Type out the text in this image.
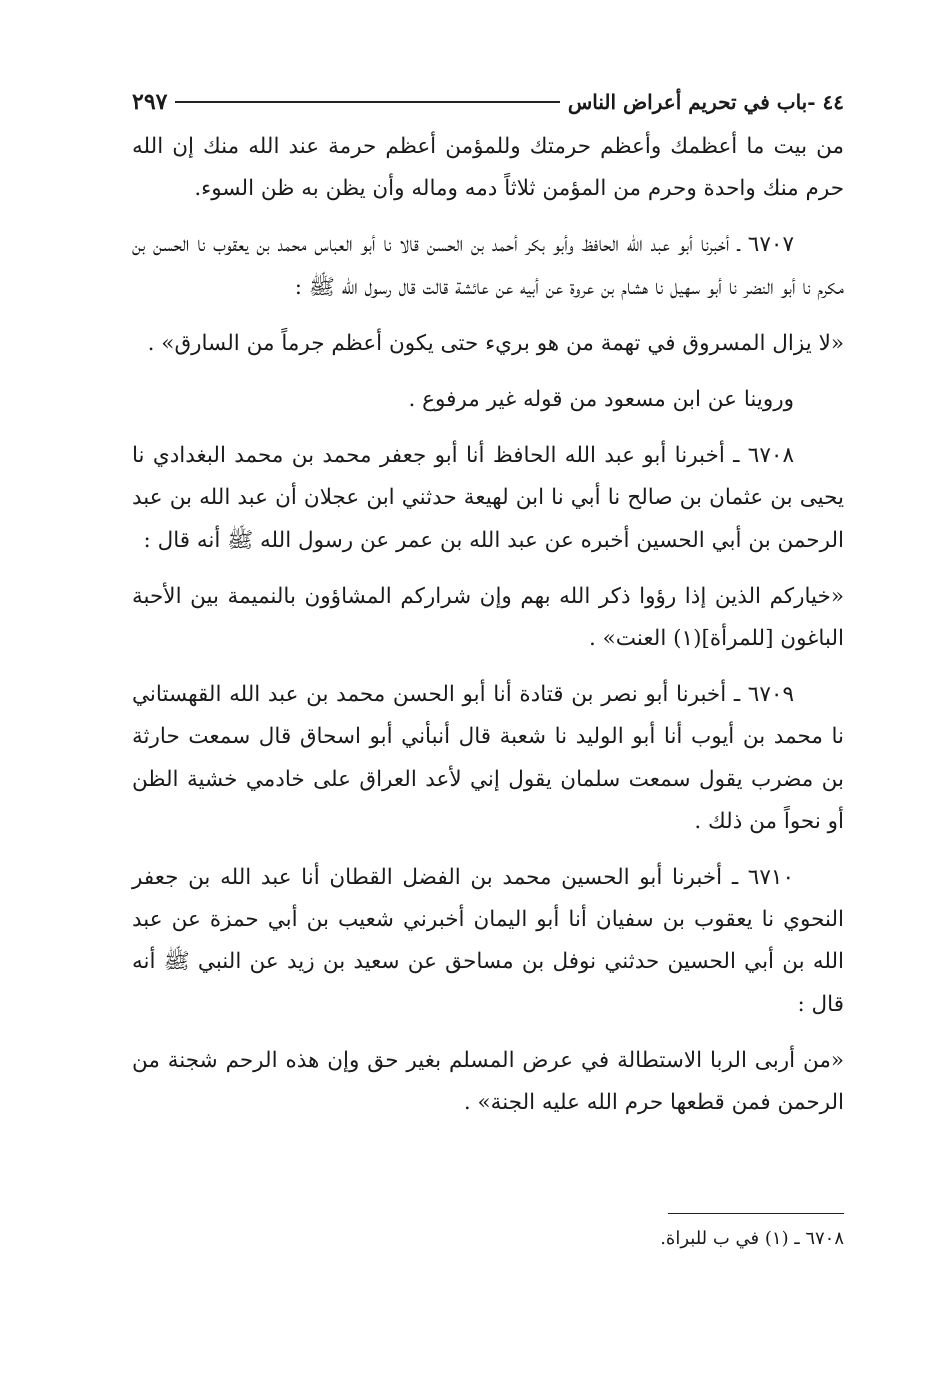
٤٤ -باب في تحريم أعراض الناس
٢٩٧

من بيت ما أعظمك وأعظم حرمتك وللمؤمن أعظم حرمة عند الله منك إن الله حرم منك واحدة وحرم من المؤمن ثلاثاً دمه وماله وأن يظن به ظن السوء.

٦٧٠٧ ـ أخبرنا أبو عبد الله الحافظ وأبو بكر أحمد بن الحسن قالا نا أبو العباس محمد بن يعقوب نا الحسن بن مكرم نا أبو النضر نا أبو سهيل نا هشام بن عروة عن أبيه عن عائشة قالت قال رسول الله ﷺ :

«لا يزال المسروق في تهمة من هو بريء حتى يكون أعظم جرماً من السارق» .

وروينا عن ابن مسعود من قوله غير مرفوع .

٦٧٠٨ ـ أخبرنا أبو عبد الله الحافظ أنا أبو جعفر محمد بن محمد البغدادي نا يحيى بن عثمان بن صالح نا أبي نا ابن لهيعة حدثني ابن عجلان أن عبد الله بن عبد الرحمن بن أبي الحسين أخبره عن عبد الله بن عمر عن رسول الله ﷺ أنه قال :

«خياركم الذين إذا رؤوا ذكر الله بهم وإن شراركم المشاؤون بالنميمة بين الأحبة الباغون [للمرأة](١) العنت» .

٦٧٠٩ ـ أخبرنا أبو نصر بن قتادة أنا أبو الحسن محمد بن عبد الله القهستاني نا محمد بن أيوب أنا أبو الوليد نا شعبة قال أنبأني أبو اسحاق قال سمعت حارثة بن مضرب يقول سمعت سلمان يقول إني لأعد العراق على خادمي خشية الظن أو نحواً من ذلك .

٦٧١٠ ـ أخبرنا أبو الحسين محمد بن الفضل القطان أنا عبد الله بن جعفر النحوي نا يعقوب بن سفيان أنا أبو اليمان أخبرني شعيب بن أبي حمزة عن عبد الله بن أبي الحسين حدثني نوفل بن مساحق عن سعيد بن زيد عن النبي ﷺ أنه قال :

«من أربى الربا الاستطالة في عرض المسلم بغير حق وإن هذه الرحم شجنة من الرحمن فمن قطعها حرم الله عليه الجنة» .

٦٧٠٨ ـ (١) في ب للبراة.
